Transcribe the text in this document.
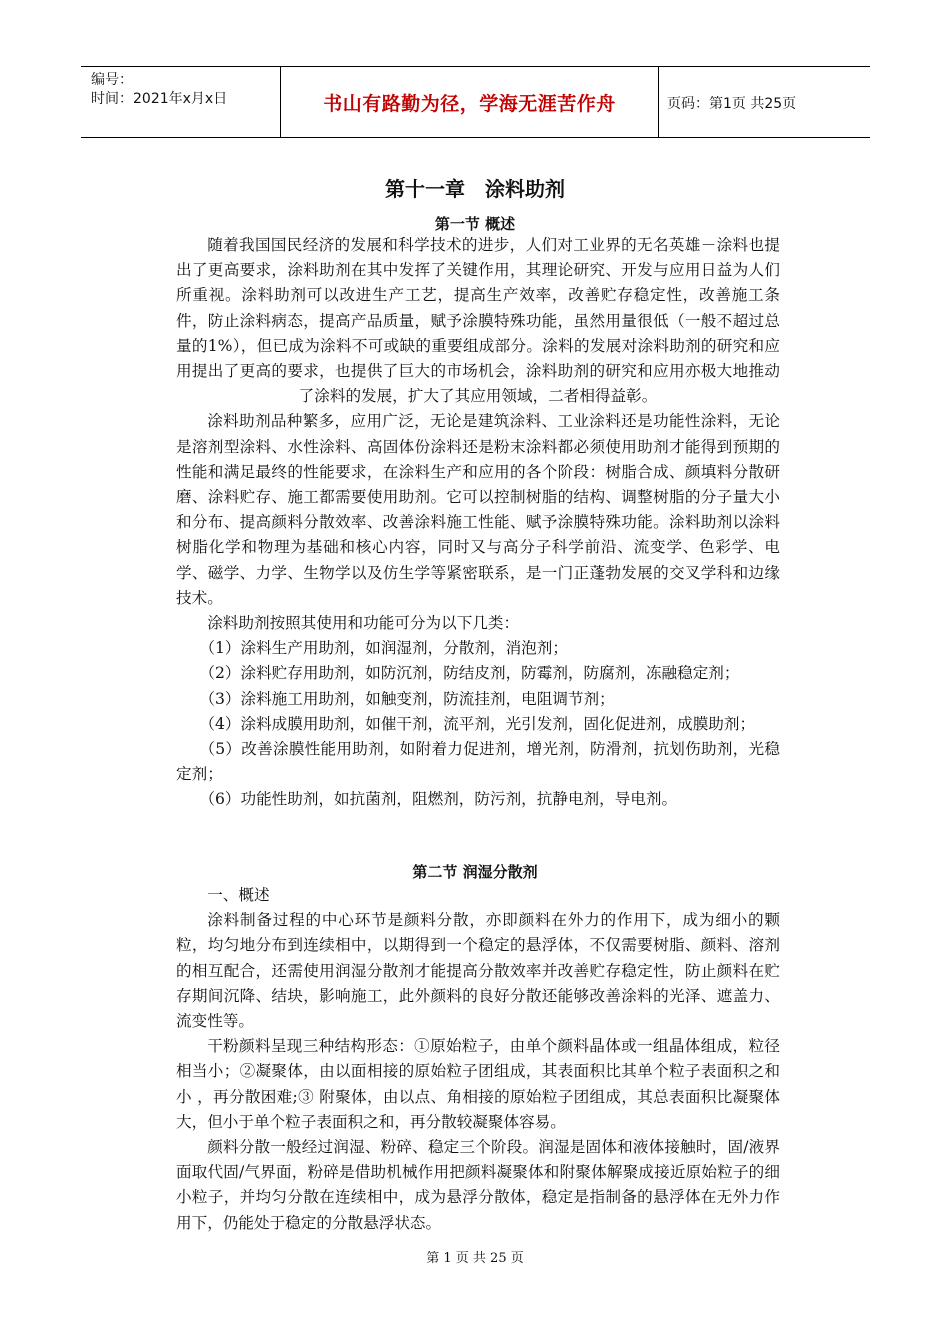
编号：
时间：2021年x月x日	书山有路勤为径，学海无涯苦作舟	页码：第1页 共25页
第十一章　涂料助剂
第一节 概述

随着我国国民经济的发展和科学技术的进步，人们对工业界的无名英雄－涂料也提出了更高要求，涂料助剂在其中发挥了关键作用，其理论研究、开发与应用日益为人们所重视。涂料助剂可以改进生产工艺，提高生产效率，改善贮存稳定性，改善施工条件，防止涂料病态，提高产品质量，赋予涂膜特殊功能，虽然用量很低（一般不超过总量的1%），但已成为涂料不可或缺的重要组成部分。涂料的发展对涂料助剂的研究和应用提出了更高的要求，也提供了巨大的市场机会，涂料助剂的研究和应用亦极大地推动了涂料的发展，扩大了其应用领域，二者相得益彰。

涂料助剂品种繁多，应用广泛，无论是建筑涂料、工业涂料还是功能性涂料，无论是溶剂型涂料、水性涂料、高固体份涂料还是粉末涂料都必须使用助剂才能得到预期的性能和满足最终的性能要求，在涂料生产和应用的各个阶段：树脂合成、颜填料分散研磨、涂料贮存、施工都需要使用助剂。它可以控制树脂的结构、调整树脂的分子量大小和分布、提高颜料分散效率、改善涂料施工性能、赋予涂膜特殊功能。涂料助剂以涂料树脂化学和物理为基础和核心内容，同时又与高分子科学前沿、流变学、色彩学、电学、磁学、力学、生物学以及仿生学等紧密联系，是一门正蓬勃发展的交叉学科和边缘技术。

涂料助剂按照其使用和功能可分为以下几类：

（1）涂料生产用助剂，如润湿剂，分散剂，消泡剂；

（2）涂料贮存用助剂，如防沉剂，防结皮剂，防霉剂，防腐剂，冻融稳定剂；

（3）涂料施工用助剂，如触变剂，防流挂剂，电阻调节剂；

（4）涂料成膜用助剂，如催干剂，流平剂，光引发剂，固化促进剂，成膜助剂；

（5）改善涂膜性能用助剂，如附着力促进剂，增光剂，防滑剂，抗划伤助剂，光稳定剂；

（6）功能性助剂，如抗菌剂，阻燃剂，防污剂，抗静电剂，导电剂。

第二节 润湿分散剂

一、概述

涂料制备过程的中心环节是颜料分散，亦即颜料在外力的作用下，成为细小的颗粒，均匀地分布到连续相中，以期得到一个稳定的悬浮体，不仅需要树脂、颜料、溶剂的相互配合，还需使用润湿分散剂才能提高分散效率并改善贮存稳定性，防止颜料在贮存期间沉降、结块，影响施工，此外颜料的良好分散还能够改善涂料的光泽、遮盖力、流变性等。

干粉颜料呈现三种结构形态：①原始粒子，由单个颜料晶体或一组晶体组成，粒径相当小；②凝聚体，由以面相接的原始粒子团组成，其表面积比其单个粒子表面积之和小 ，再分散困难;③ 附聚体，由以点、角相接的原始粒子团组成，其总表面积比凝聚体大，但小于单个粒子表面积之和，再分散较凝聚体容易。

颜料分散一般经过润湿、粉碎、稳定三个阶段。润湿是固体和液体接触时，固/液界面取代固/气界面，粉碎是借助机械作用把颜料凝聚体和附聚体解聚成接近原始粒子的细小粒子，并均匀分散在连续相中，成为悬浮分散体，稳定是指制备的悬浮体在无外力作用下，仍能处于稳定的分散悬浮状态。

第 1 页 共 25 页
